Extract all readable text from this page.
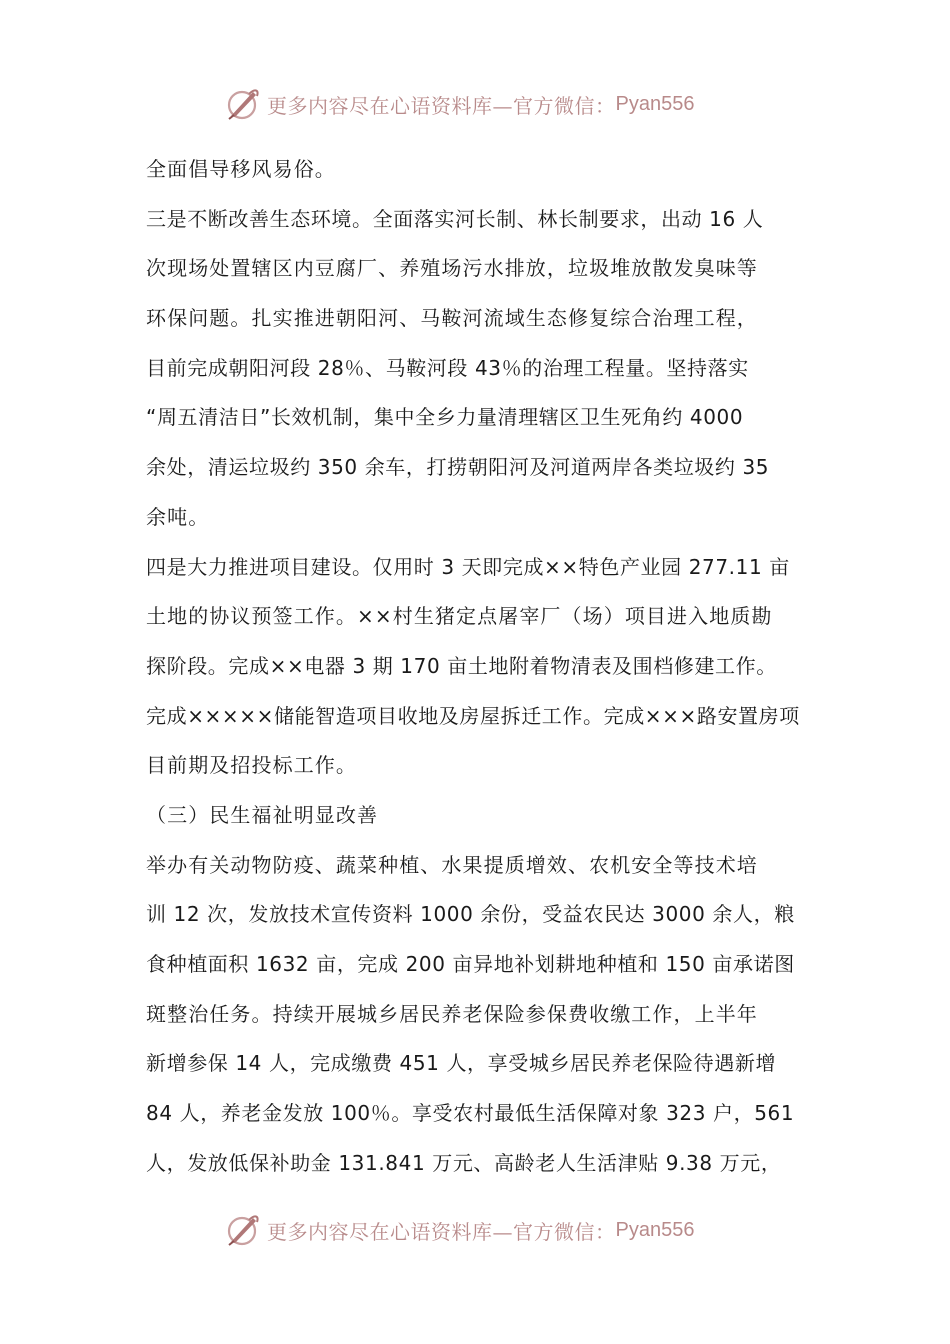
更多内容尽在心语资料库—官方微信： Pyan556
全面倡导移风易俗。
三是不断改善生态环境。全面落实河长制、林长制要求，出动 16 人
次现场处置辖区内豆腐厂、养殖场污水排放，垃圾堆放散发臭味等
环保问题。扎实推进朝阳河、马鞍河流域生态修复综合治理工程，
目前完成朝阳河段 28％、马鞍河段 43％的治理工程量。坚持落实
“周五清洁日”长效机制，集中全乡力量清理辖区卫生死角约 4000
余处，清运垃圾约 350 余车，打捞朝阳河及河道两岸各类垃圾约 35
余吨。
四是大力推进项目建设。仅用时 3 天即完成××特色产业园 277.11 亩
土地的协议预签工作。××村生猪定点屠宰厂（场）项目进入地质勘
探阶段。完成××电器 3 期 170 亩土地附着物清表及围档修建工作。
完成×××××储能智造项目收地及房屋拆迁工作。完成×××路安置房项
目前期及招投标工作。
（三）民生福祉明显改善
举办有关动物防疫、蔬菜种植、水果提质增效、农机安全等技术培
训 12 次，发放技术宣传资料 1000 余份，受益农民达 3000 余人，粮
食种植面积 1632 亩，完成 200 亩异地补划耕地种植和 150 亩承诺图
斑整治任务。持续开展城乡居民养老保险参保费收缴工作，上半年
新增参保 14 人，完成缴费 451 人，享受城乡居民养老保险待遇新增
84 人，养老金发放 100％。享受农村最低生活保障对象 323 户，561
人，发放低保补助金 131.841 万元、高龄老人生活津贴 9.38 万元，
更多内容尽在心语资料库—官方微信： Pyan556
